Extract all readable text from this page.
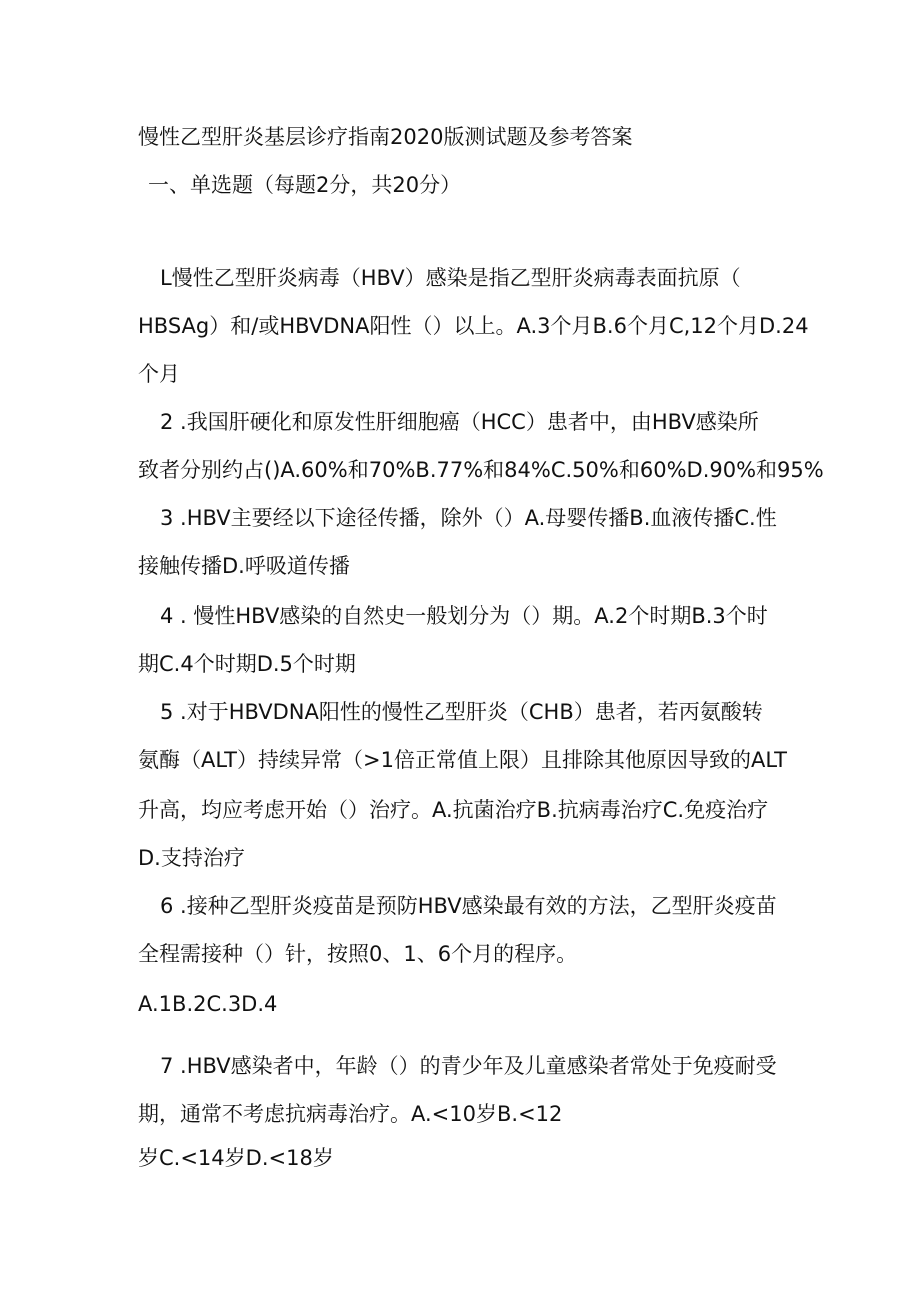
慢性乙型肝炎基层诊疗指南2020版测试题及参考答案
一、单选题（每题2分，共20分）
L慢性乙型肝炎病毒（HBV）感染是指乙型肝炎病毒表面抗原（
HBSAg）和/或HBVDNA阳性（）以上。A.3个月B.6个月C,12个月D.24
个月
2 .我国肝硬化和原发性肝细胞癌（HCC）患者中，由HBV感染所
致者分别约占()A.60%和70%B.77%和84%C.50%和60%D.90%和95%
3 .HBV主要经以下途径传播，除外（）A.母婴传播B.血液传播C.性
接触传播D.呼吸道传播
4 . 慢性HBV感染的自然史一般划分为（）期。A.2个时期B.3个时
期C.4个时期D.5个时期
5 .对于HBVDNA阳性的慢性乙型肝炎（CHB）患者，若丙氨酸转
氨酶（ALT）持续异常（>1倍正常值上限）且排除其他原因导致的ALT
升高，均应考虑开始（）治疗。A.抗菌治疗B.抗病毒治疗C.免疫治疗
D.支持治疗
6 .接种乙型肝炎疫苗是预防HBV感染最有效的方法，乙型肝炎疫苗
全程需接种（）针，按照0、1、6个月的程序。
A.1B.2C.3D.4
7 .HBV感染者中，年龄（）的青少年及儿童感染者常处于免疫耐受
期，通常不考虑抗病毒治疗。A.<10岁B.<12
岁C.<14岁D.<18岁
